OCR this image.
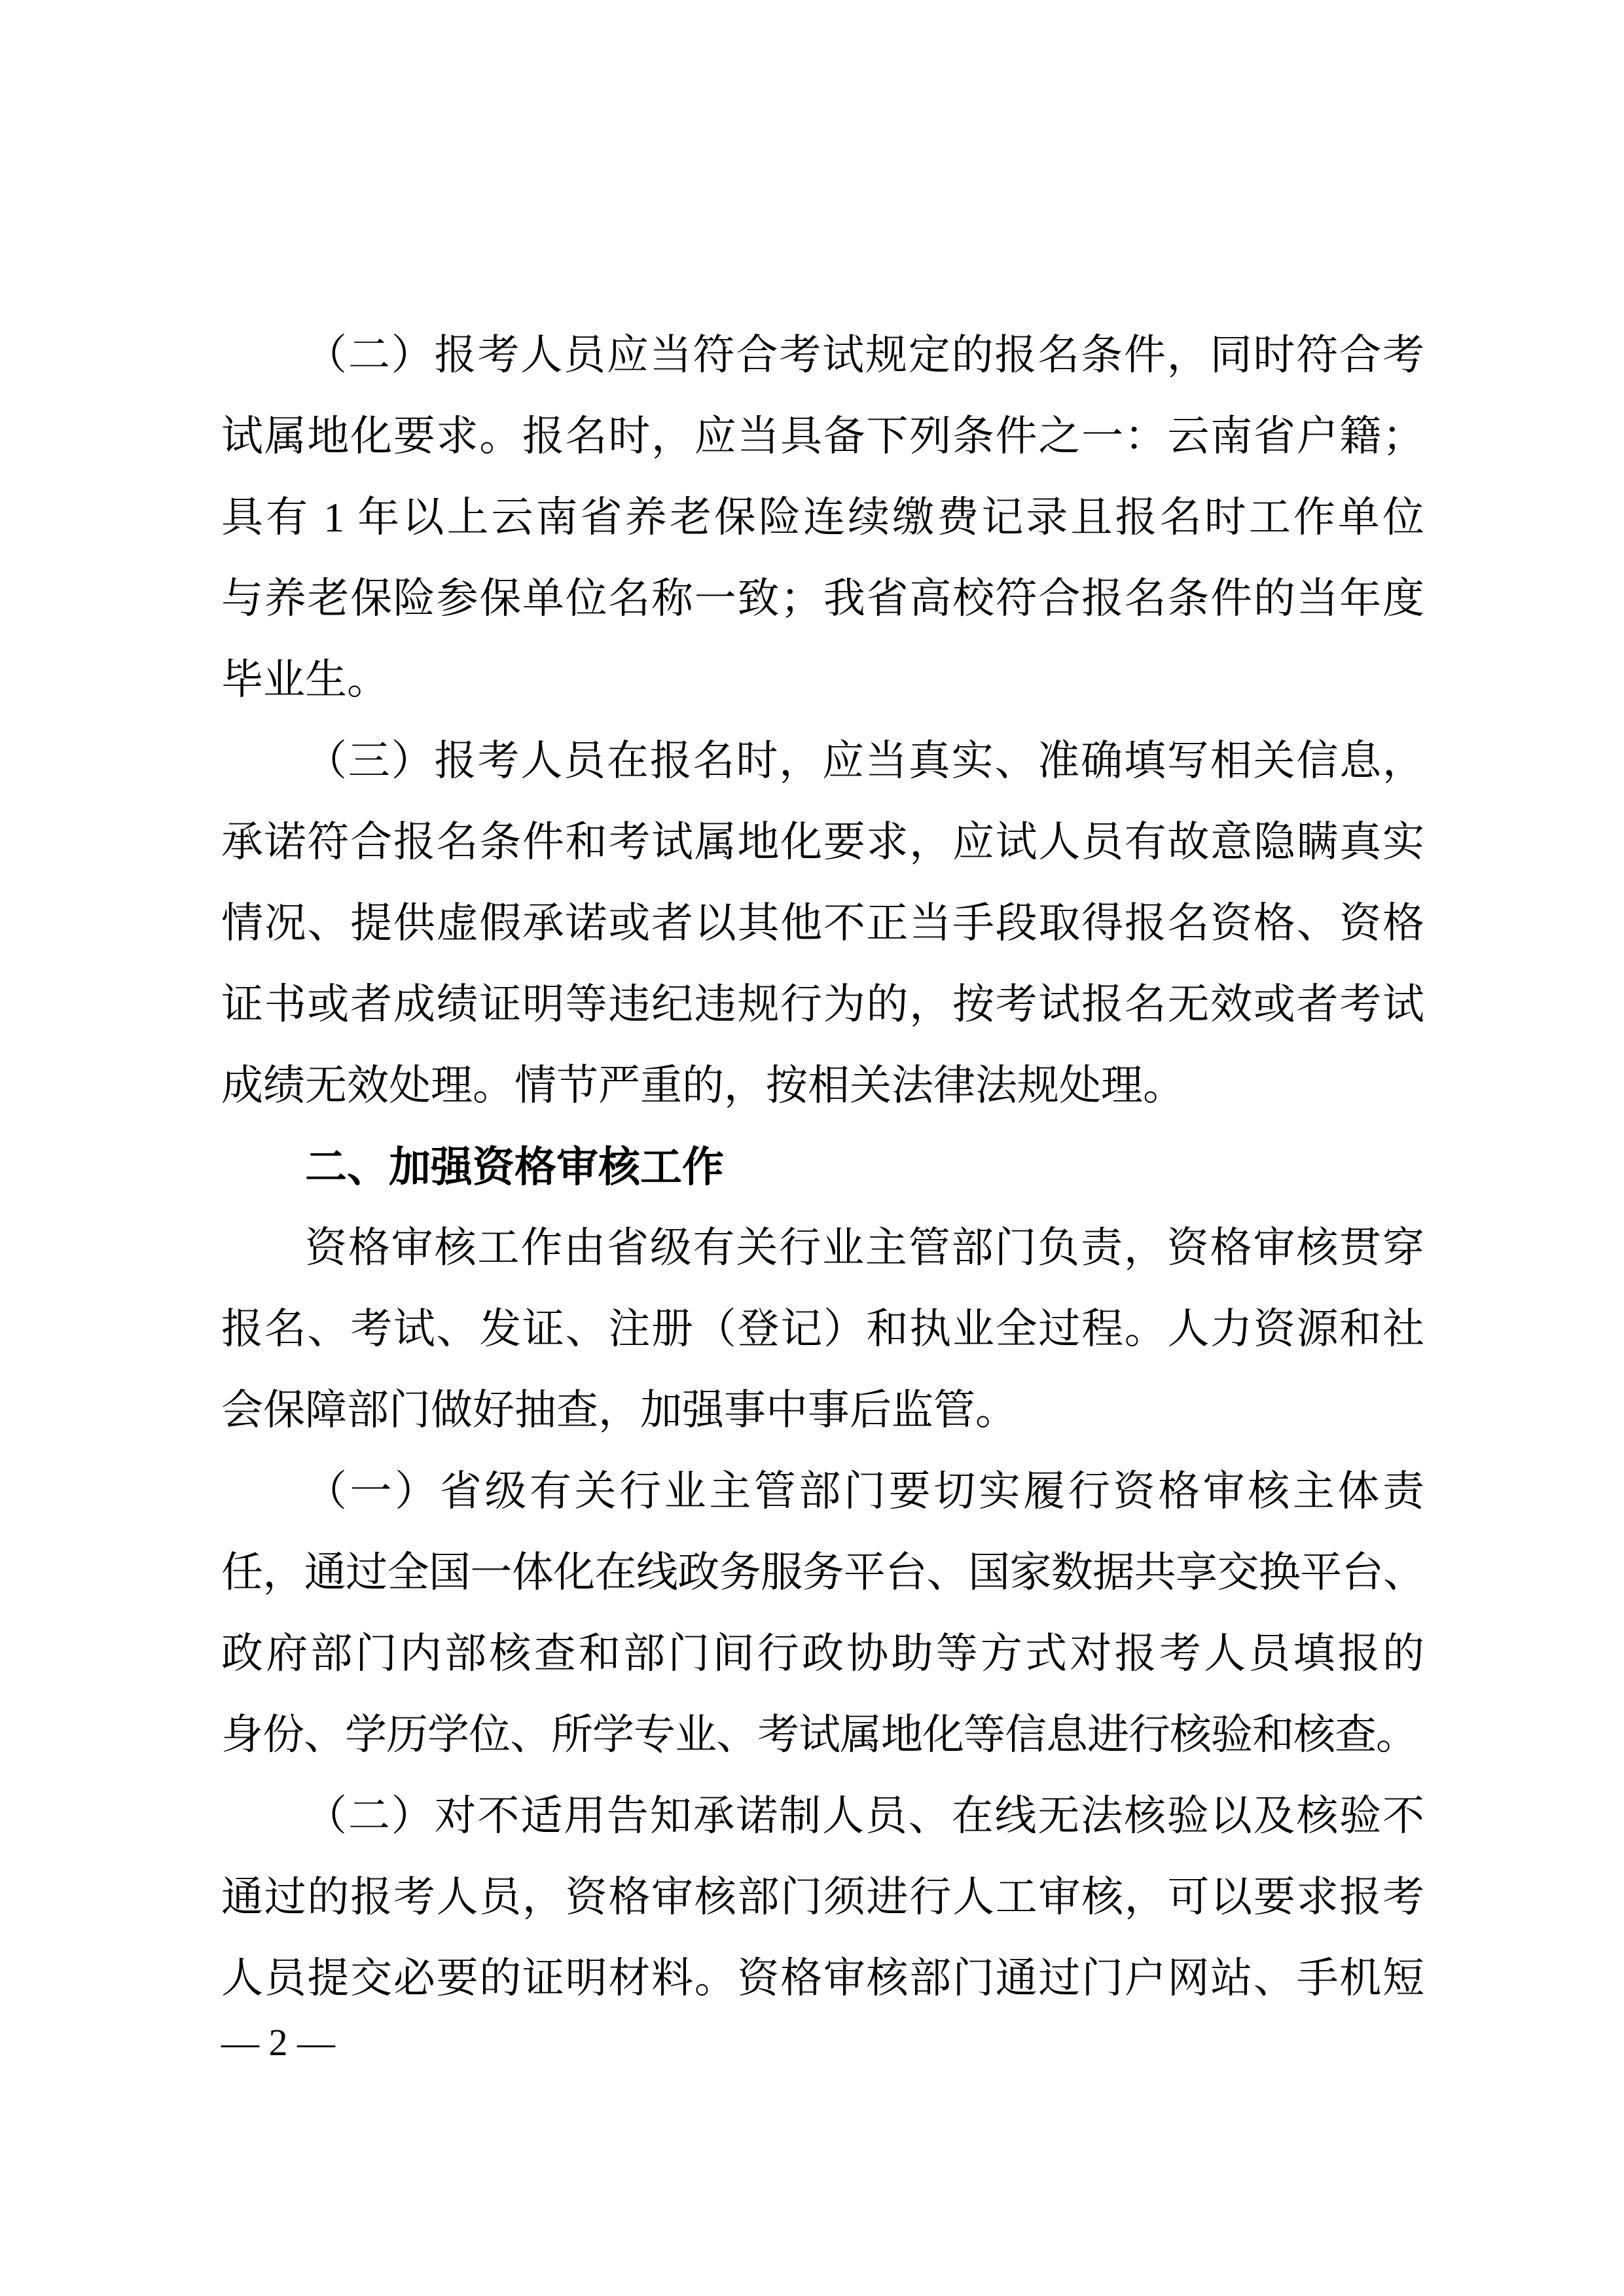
（二）报考人员应当符合考试规定的报名条件，同时符合考
试属地化要求。报名时，应当具备下列条件之一：云南省户籍；
具有 1 年以上云南省养老保险连续缴费记录且报名时工作单位
与养老保险参保单位名称一致；我省高校符合报名条件的当年度
毕业生。
（三）报考人员在报名时，应当真实、准确填写相关信息，
承诺符合报名条件和考试属地化要求，应试人员有故意隐瞒真实
情况、提供虚假承诺或者以其他不正当手段取得报名资格、资格
证书或者成绩证明等违纪违规行为的，按考试报名无效或者考试
成绩无效处理。情节严重的，按相关法律法规处理。
二、加强资格审核工作
资格审核工作由省级有关行业主管部门负责，资格审核贯穿
报名、考试、发证、注册（登记）和执业全过程。人力资源和社
会保障部门做好抽查，加强事中事后监管。
（一）省级有关行业主管部门要切实履行资格审核主体责
任，通过全国一体化在线政务服务平台、国家数据共享交换平台、
政府部门内部核查和部门间行政协助等方式对报考人员填报的
身份、学历学位、所学专业、考试属地化等信息进行核验和核查。
（二）对不适用告知承诺制人员、在线无法核验以及核验不
通过的报考人员，资格审核部门须进行人工审核，可以要求报考
人员提交必要的证明材料。资格审核部门通过门户网站、手机短
— 2 —
